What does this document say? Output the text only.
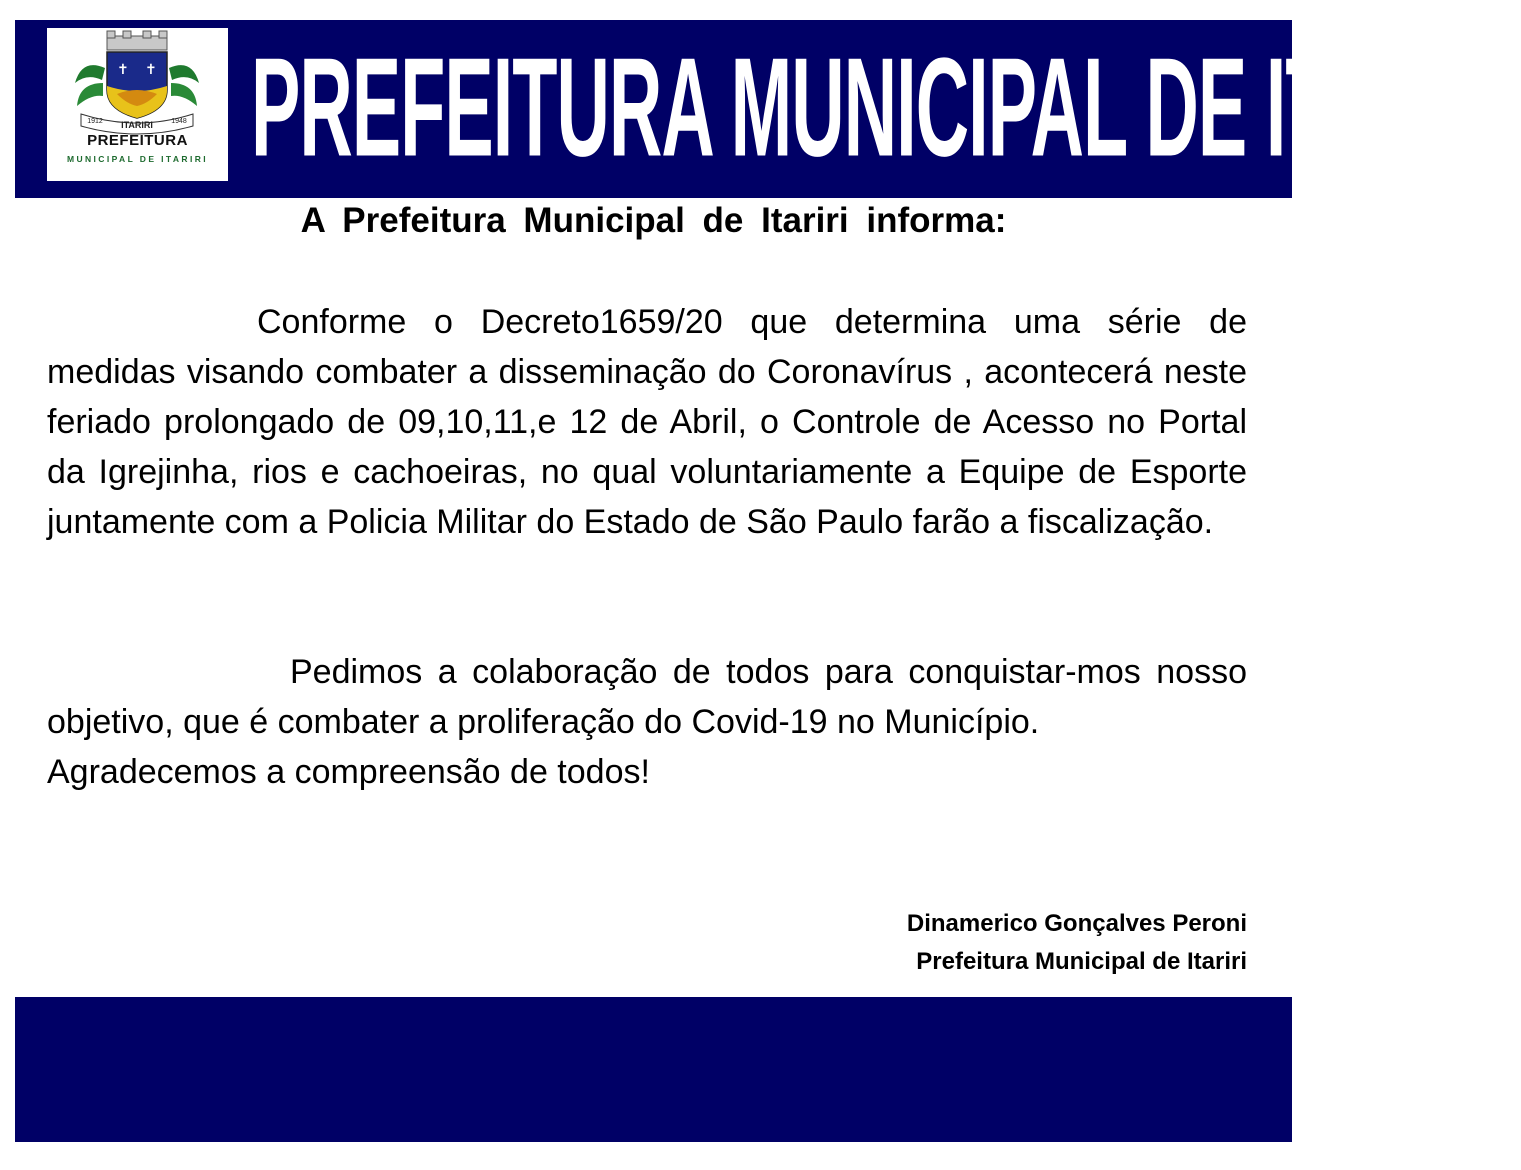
✝ ✝
ITARIRI
1912	1948
PREFEITURA
MUNICIPAL DE ITARIRI PREFEITURA MUNICIPAL DE ITARIRI
A Prefeitura Municipal de Itariri informa:

Conforme o Decreto1659/20 que determina uma série de medidas visando combater a disseminação do Coronavírus , acontecerá neste feriado prolongado de 09,10,11,e 12 de Abril, o Controle de Acesso no Portal da Igrejinha, rios e cachoeiras, no qual voluntariamente a Equipe de Esporte juntamente com a Policia Militar do Estado de São Paulo farão a fiscalização.

Pedimos a colaboração de todos para conquistar-mos nosso objetivo, que é combater a proliferação do Covid-19 no Município.

Agradecemos a compreensão de todos!

Dinamerico Gonçalves Peroni
Prefeitura Municipal de Itariri
